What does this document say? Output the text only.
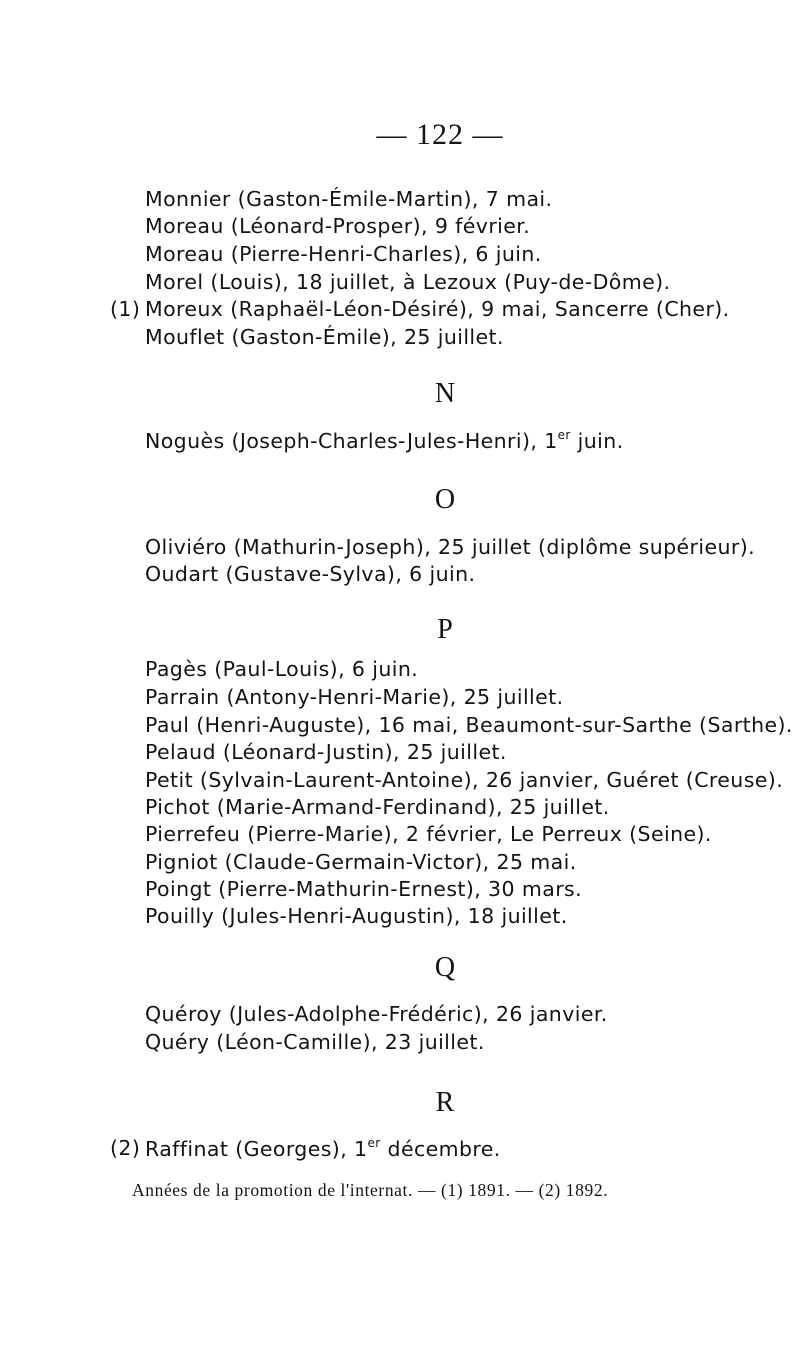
— 122 —
Monnier (Gaston-Émile-Martin), 7 mai.
Moreau (Léonard-Prosper), 9 février.
Moreau (Pierre-Henri-Charles), 6 juin.
Morel (Louis), 18 juillet, à Lezoux (Puy-de-Dôme).
(1) Moreux (Raphaël-Léon-Désiré), 9 mai, Sancerre (Cher).
Mouflet (Gaston-Émile), 25 juillet.
N
Noguès (Joseph-Charles-Jules-Henri), 1er juin.
O
Oliviéro (Mathurin-Joseph), 25 juillet (diplôme supérieur).
Oudart (Gustave-Sylva), 6 juin.
P
Pagès (Paul-Louis), 6 juin.
Parrain (Antony-Henri-Marie), 25 juillet.
Paul (Henri-Auguste), 16 mai, Beaumont-sur-Sarthe (Sarthe).
Pelaud (Léonard-Justin), 25 juillet.
Petit (Sylvain-Laurent-Antoine), 26 janvier, Guéret (Creuse).
Pichot (Marie-Armand-Ferdinand), 25 juillet.
Pierrefeu (Pierre-Marie), 2 février, Le Perreux (Seine).
Pigniot (Claude-Germain-Victor), 25 mai.
Poingt (Pierre-Mathurin-Ernest), 30 mars.
Pouilly (Jules-Henri-Augustin), 18 juillet.
Q
Quéroy (Jules-Adolphe-Frédéric), 26 janvier.
Quéry (Léon-Camille), 23 juillet.
R
(2) Raffinat (Georges), 1er décembre.
Années de la promotion de l'internat. — (1) 1891. — (2) 1892.
